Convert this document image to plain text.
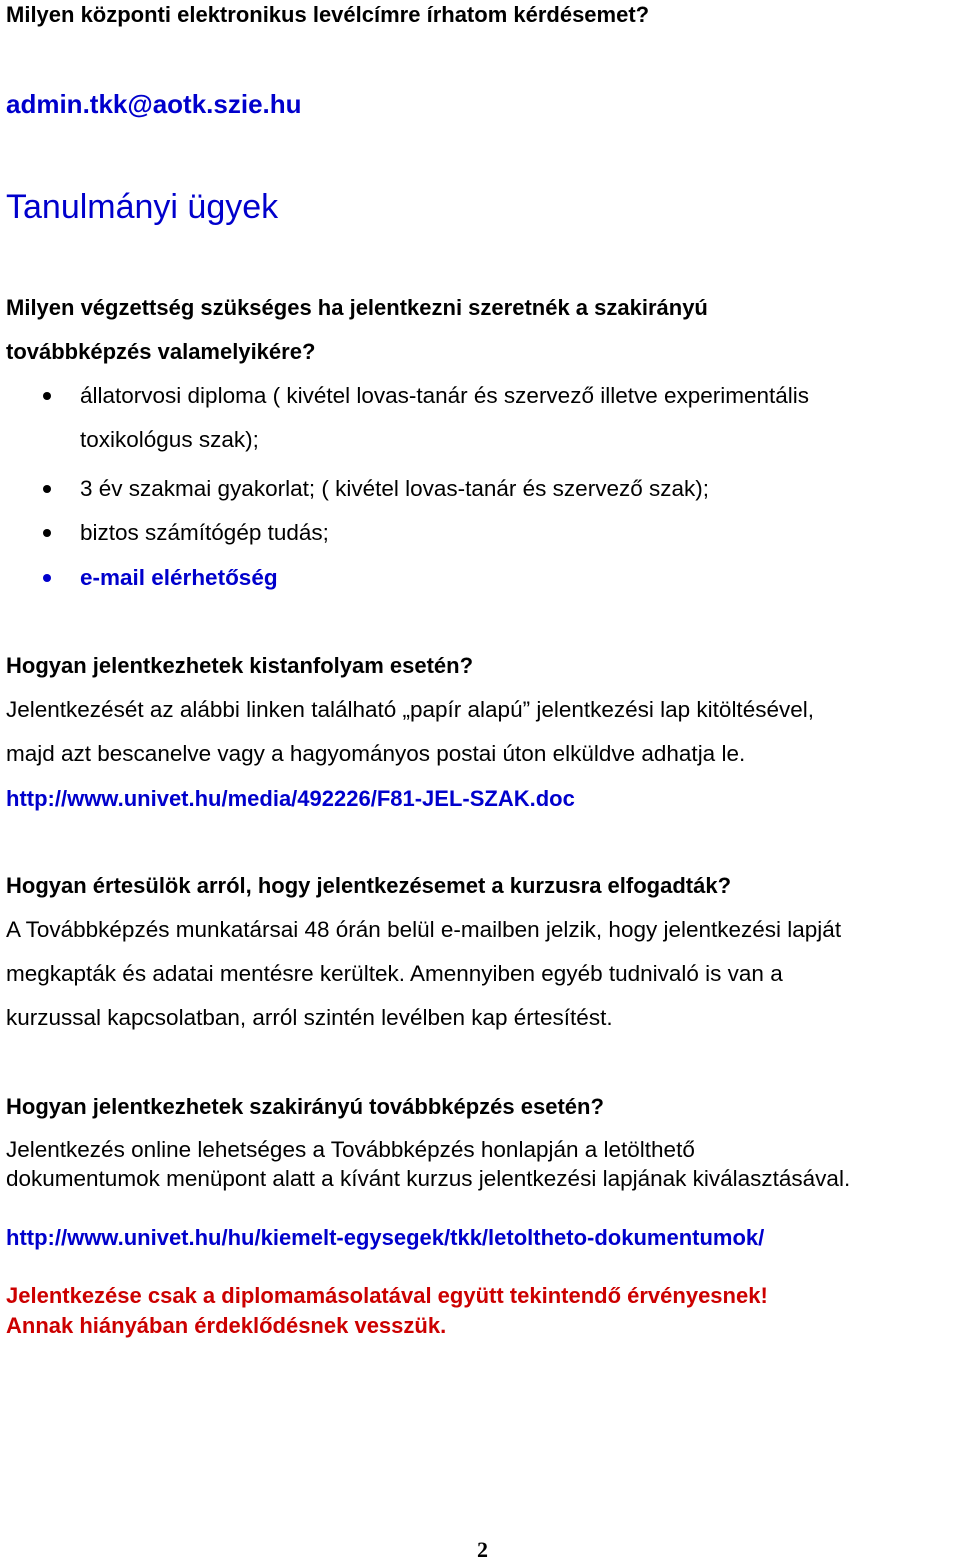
Milyen központi elektronikus levélcímre írhatom kérdésemet?
admin.tkk@aotk.szie.hu
Tanulmányi ügyek
Milyen végzettség szükséges ha jelentkezni szeretnék a szakirányú
továbbképzés valamelyikére?
állatorvosi diploma ( kivétel lovas-tanár és szervező illetve experimentális
toxikológus szak);
3 év szakmai gyakorlat; ( kivétel lovas-tanár és szervező szak);
biztos számítógép tudás;
e-mail elérhetőség
Hogyan jelentkezhetek kistanfolyam esetén?
Jelentkezését az alábbi linken található „papír alapú” jelentkezési lap kitöltésével,
majd azt bescanelve vagy a hagyományos postai úton elküldve adhatja le.
http://www.univet.hu/media/492226/F81-JEL-SZAK.doc
Hogyan értesülök arról, hogy jelentkezésemet a kurzusra elfogadták?
A Továbbképzés munkatársai 48 órán belül e-mailben jelzik, hogy jelentkezési lapját
megkapták és adatai mentésre kerültek. Amennyiben egyéb tudnivaló is van a
kurzussal kapcsolatban, arról szintén levélben kap értesítést.
Hogyan jelentkezhetek szakirányú továbbképzés esetén?
Jelentkezés online lehetséges a Továbbképzés honlapján a letölthető
dokumentumok menüpont alatt a kívánt kurzus jelentkezési lapjának kiválasztásával.
http://www.univet.hu/hu/kiemelt-egysegek/tkk/letoltheto-dokumentumok/
Jelentkezése csak a diplomamásolatával együtt tekintendő érvényesnek!
Annak hiányában érdeklődésnek vesszük.
2
